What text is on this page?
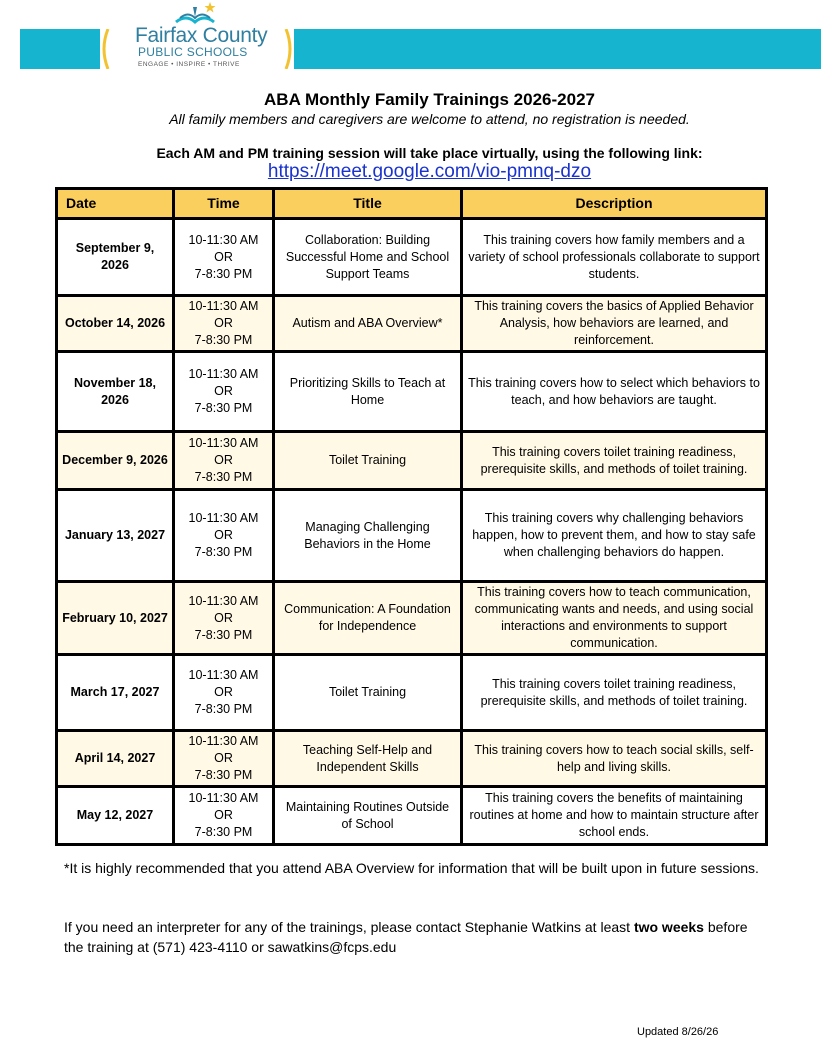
Fairfax County
PUBLIC SCHOOLS
ENGAGE • INSPIRE • THRIVE
ABA Monthly Family Trainings 2026-2027
All family members and caregivers are welcome to attend, no registration is needed.
Each AM and PM training session will take place virtually, using the following link:
https://meet.google.com/vio-pmnq-dzo
Date	Time	Title	Description
September 9, 2026	10-11:30 AM
OR
7-8:30 PM	Collaboration: Building Successful Home and School Support Teams	This training covers how family members and a variety of school professionals collaborate to support students.
October 14, 2026	10-11:30 AM
OR
7-8:30 PM	Autism and ABA Overview*	This training covers the basics of Applied Behavior Analysis, how behaviors are learned, and reinforcement.
November 18, 2026	10-11:30 AM
OR
7-8:30 PM	Prioritizing Skills to Teach at Home	This training covers how to select which behaviors to teach, and how behaviors are taught.
December 9, 2026	10-11:30 AM
OR
7-8:30 PM	Toilet Training	This training covers toilet training readiness, prerequisite skills, and methods of toilet training.
January 13, 2027	10-11:30 AM
OR
7-8:30 PM	Managing Challenging Behaviors in the Home	This training covers why challenging behaviors happen, how to prevent them, and how to stay safe when challenging behaviors do happen.
February 10, 2027	10-11:30 AM
OR
7-8:30 PM	Communication: A Foundation for Independence	This training covers how to teach communication, communicating wants and needs, and using social interactions and environments to support communication.
March 17, 2027	10-11:30 AM
OR
7-8:30 PM	Toilet Training	This training covers toilet training readiness, prerequisite skills, and methods of toilet training.
April 14, 2027	10-11:30 AM
OR
7-8:30 PM	Teaching Self-Help and Independent Skills	This training covers how to teach social skills, self-help and living skills.
May 12, 2027	10-11:30 AM
OR
7-8:30 PM	Maintaining Routines Outside of School	This training covers the benefits of maintaining routines at home and how to maintain structure after school ends.
*It is highly recommended that you attend ABA Overview for information that will be built upon in future sessions.
If you need an interpreter for any of the trainings, please contact Stephanie Watkins at least two weeks before the training at (571) 423-4110 or sawatkins@fcps.edu
Updated 8/26/26
